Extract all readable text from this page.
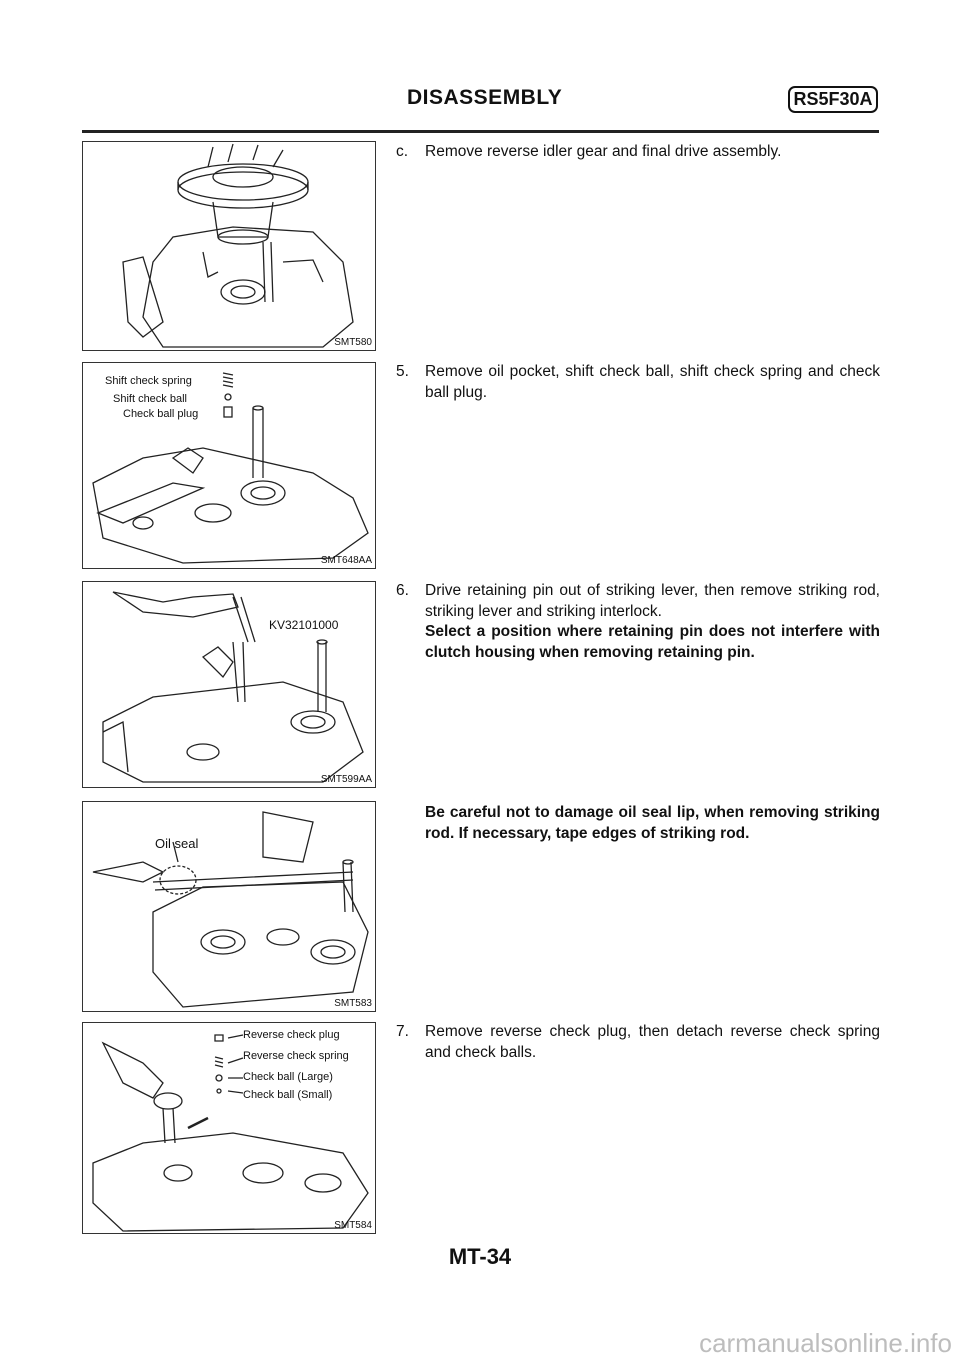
DISASSEMBLY	RS5F30A
SMT580
Shift check spring
Shift check ball
Check ball plug
SMT648AA
KV32101000
SMT599AA
Oil seal
SMT583
Reverse check plug
Reverse check spring
Check ball (Large)
Check ball (Small)
SMT584
c.	Remove reverse idler gear and final drive assembly.
5.	Remove oil pocket, shift check ball, shift check spring and check ball plug.
6.	Drive retaining pin out of striking lever, then remove striking rod, striking lever and striking interlock.
Select a position where retaining pin does not interfere with clutch housing when removing retaining pin.
Be careful not to damage oil seal lip, when removing striking rod. If necessary, tape edges of striking rod.
7.	Remove reverse check plug, then detach reverse check spring and check balls.
MT-34
carmanualsonline.info
